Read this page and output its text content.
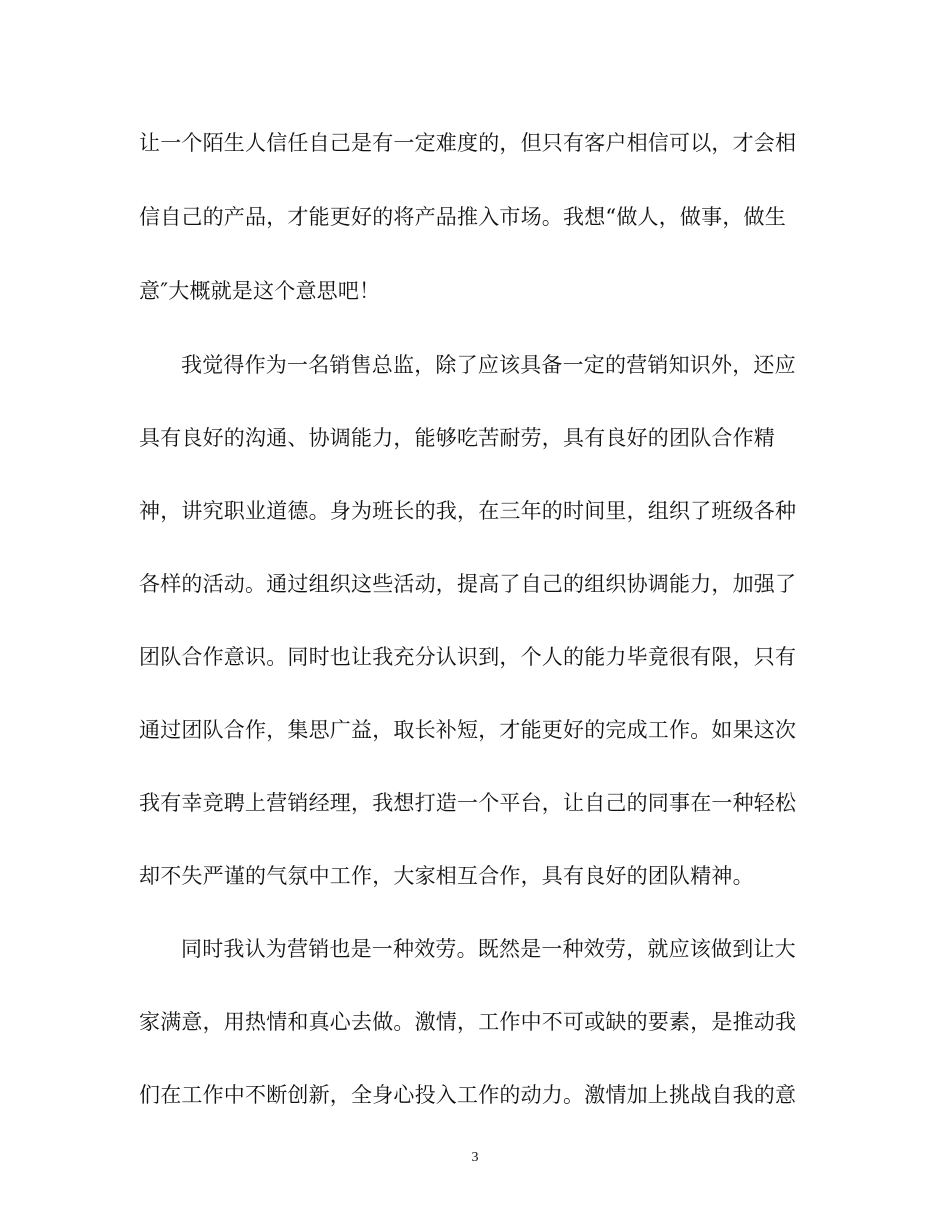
让一个陌生人信任自己是有一定难度的，但只有客户相信可以，才会相
信自己的产品，才能更好的将产品推入市场。我想“做人，做事，做生
意″大概就是这个意思吧！
我觉得作为一名销售总监，除了应该具备一定的营销知识外，还应
具有良好的沟通、协调能力，能够吃苦耐劳，具有良好的团队合作精
神，讲究职业道德。身为班长的我，在三年的时间里，组织了班级各种
各样的活动。通过组织这些活动，提高了自己的组织协调能力，加强了
团队合作意识。同时也让我充分认识到，个人的能力毕竟很有限，只有
通过团队合作，集思广益，取长补短，才能更好的完成工作。如果这次
我有幸竞聘上营销经理，我想打造一个平台，让自己的同事在一种轻松
却不失严谨的气氛中工作，大家相互合作，具有良好的团队精神。
同时我认为营销也是一种效劳。既然是一种效劳，就应该做到让大
家满意，用热情和真心去做。激情，工作中不可或缺的要素，是推动我
们在工作中不断创新，全身心投入工作的动力。激情加上挑战自我的意
3
